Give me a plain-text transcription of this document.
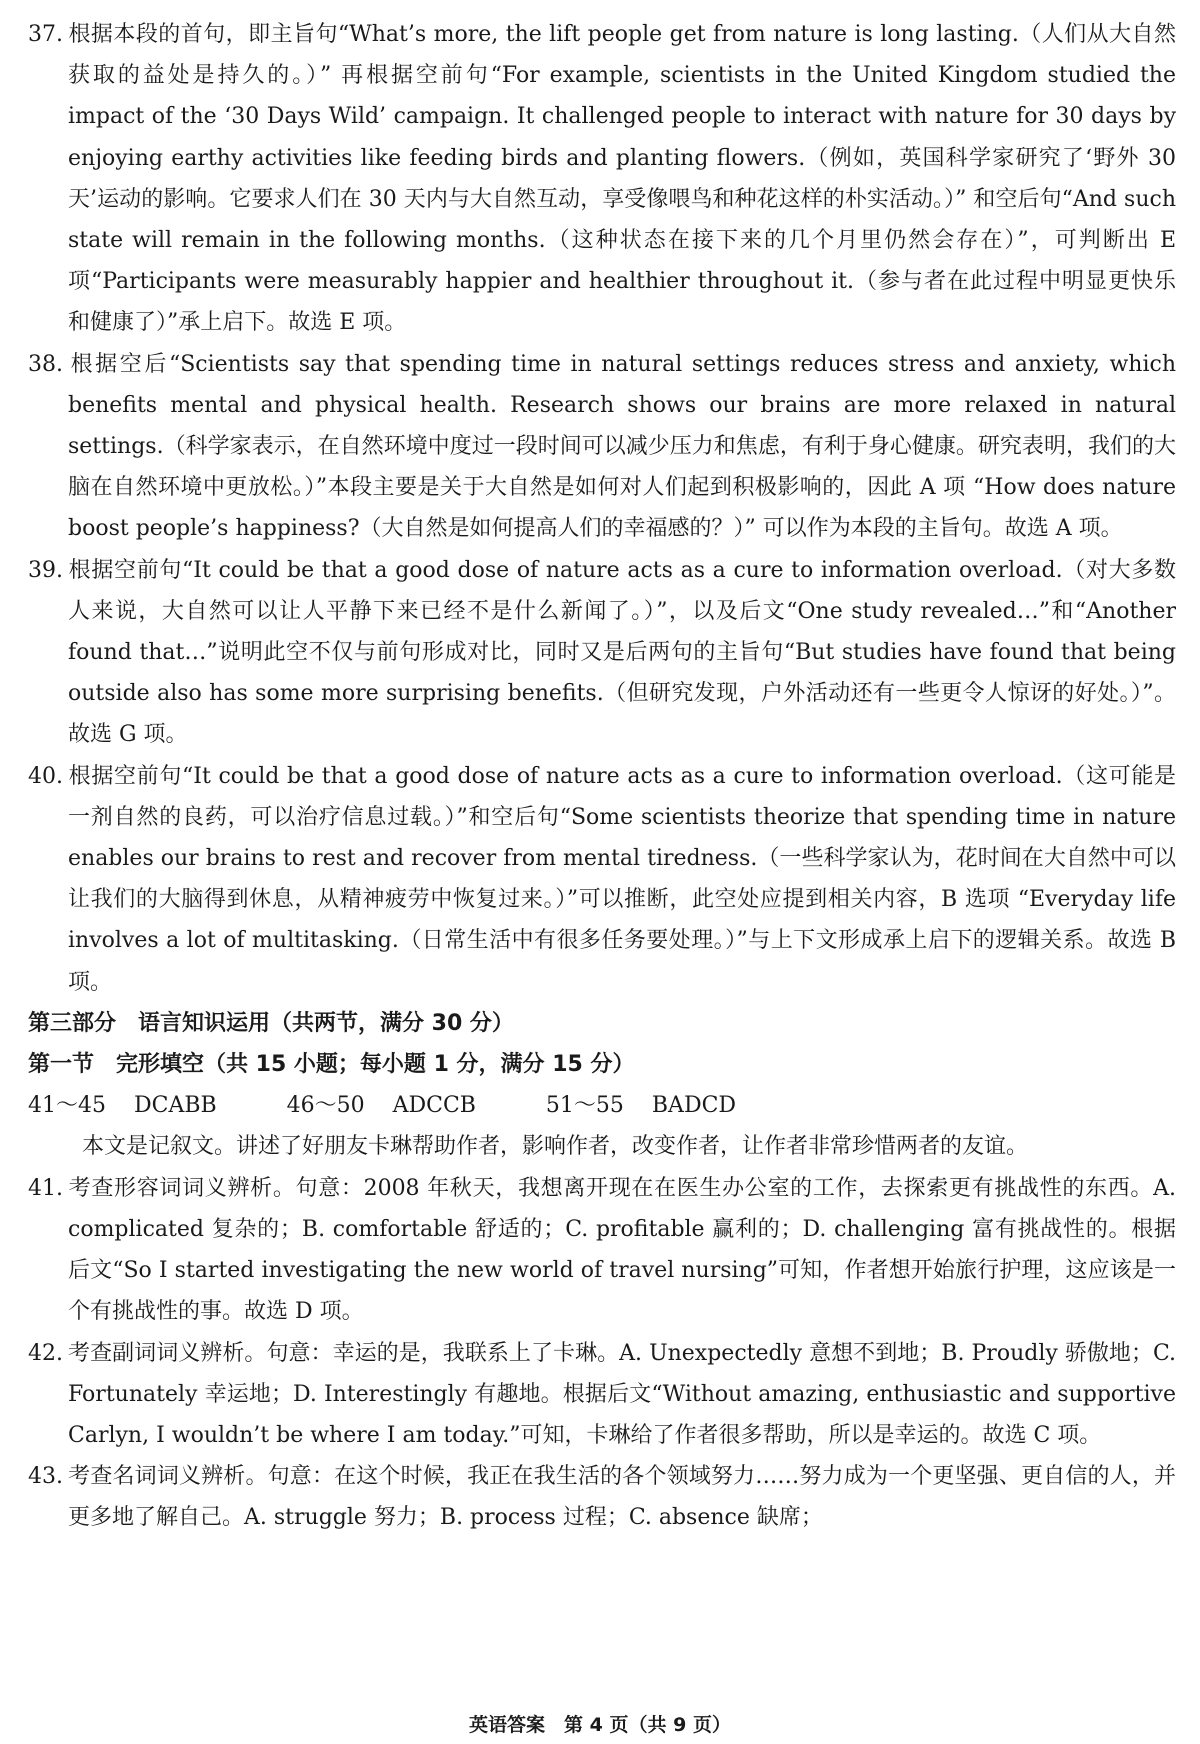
37. 根据本段的首句，即主旨句“What’s more, the lift people get from nature is long lasting.（人们从大自然获取的益处是持久的。）” 再根据空前句“For example, scientists in the United Kingdom studied the impact of the ‘30 Days Wild’ campaign. It challenged people to interact with nature for 30 days by enjoying earthy activities like feeding birds and planting flowers.（例如，英国科学家研究了‘野外 30 天’运动的影响。它要求人们在 30 天内与大自然互动，享受像喂鸟和种花这样的朴实活动。）” 和空后句“And such state will remain in the following months.（这种状态在接下来的几个月里仍然会存在）”，可判断出 E 项“Participants were measurably happier and healthier throughout it.（参与者在此过程中明显更快乐和健康了）”承上启下。故选 E 项。

38. 根据空后“Scientists say that spending time in natural settings reduces stress and anxiety, which benefits mental and physical health. Research shows our brains are more relaxed in natural settings.（科学家表示，在自然环境中度过一段时间可以减少压力和焦虑，有利于身心健康。研究表明，我们的大脑在自然环境中更放松。）”本段主要是关于大自然是如何对人们起到积极影响的，因此 A 项 “How does nature boost people’s happiness?（大自然是如何提高人们的幸福感的？）” 可以作为本段的主旨句。故选 A 项。

39. 根据空前句“It could be that a good dose of nature acts as a cure to information overload.（对大多数人来说，大自然可以让人平静下来已经不是什么新闻了。）”，以及后文“One study revealed…”和“Another found that…”说明此空不仅与前句形成对比，同时又是后两句的主旨句“But studies have found that being outside also has some more surprising benefits.（但研究发现，户外活动还有一些更令人惊讶的好处。）”。故选 G 项。

40. 根据空前句“It could be that a good dose of nature acts as a cure to information overload.（这可能是一剂自然的良药，可以治疗信息过载。）”和空后句“Some scientists theorize that spending time in nature enables our brains to rest and recover from mental tiredness.（一些科学家认为，花时间在大自然中可以让我们的大脑得到休息，从精神疲劳中恢复过来。）”可以推断，此空处应提到相关内容，B 选项 “Everyday life involves a lot of multitasking.（日常生活中有很多任务要处理。）”与上下文形成承上启下的逻辑关系。故选 B 项。

第三部分　语言知识运用（共两节，满分 30 分）

第一节　完形填空（共 15 小题；每小题 1 分，满分 15 分）

41～45 DCABB	46～50 ADCCB	51～55 BADCD

本文是记叙文。讲述了好朋友卡琳帮助作者，影响作者，改变作者，让作者非常珍惜两者的友谊。

41. 考查形容词词义辨析。句意：2008 年秋天，我想离开现在在医生办公室的工作，去探索更有挑战性的东西。A. complicated 复杂的；B. comfortable 舒适的；C. profitable 赢利的；D. challenging 富有挑战性的。根据后文“So I started investigating the new world of travel nursing”可知，作者想开始旅行护理，这应该是一个有挑战性的事。故选 D 项。

42. 考查副词词义辨析。句意：幸运的是，我联系上了卡琳。A. Unexpectedly 意想不到地；B. Proudly 骄傲地；C. Fortunately 幸运地；D. Interestingly 有趣地。根据后文“Without amazing, enthusiastic and supportive Carlyn, I wouldn’t be where I am today.”可知，卡琳给了作者很多帮助，所以是幸运的。故选 C 项。

43. 考查名词词义辨析。句意：在这个时候，我正在我生活的各个领域努力……努力成为一个更坚强、更自信的人，并更多地了解自己。A. struggle 努力；B. process 过程；C. absence 缺席；

英语答案　第 4 页（共 9 页）
